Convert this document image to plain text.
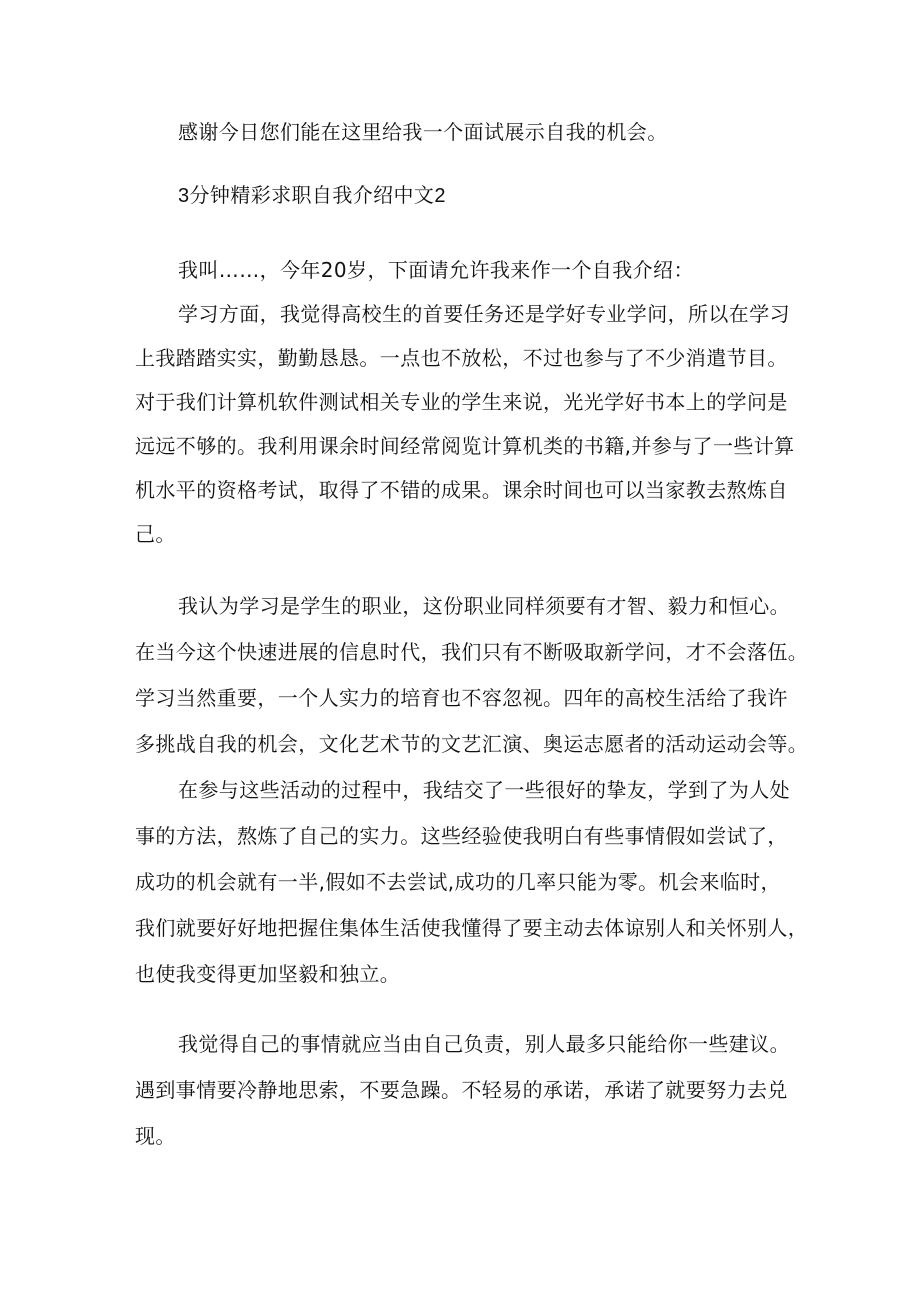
感谢今日您们能在这里给我一个面试展示自我的机会。
3分钟精彩求职自我介绍中文2
我叫……，今年20岁，下面请允许我来作一个自我介绍：
学习方面，我觉得高校生的首要任务还是学好专业学问，所以在学习
上我踏踏实实，勤勤恳恳。一点也不放松，不过也参与了不少消遣节目。
对于我们计算机软件测试相关专业的学生来说，光光学好书本上的学问是
远远不够的。我利用课余时间经常阅览计算机类的书籍,并参与了一些计算
机水平的资格考试，取得了不错的成果。课余时间也可以当家教去熬炼自
己。
我认为学习是学生的职业，这份职业同样须要有才智、毅力和恒心。
在当今这个快速进展的信息时代，我们只有不断吸取新学问，才不会落伍。
学习当然重要，一个人实力的培育也不容忽视。四年的高校生活给了我许
多挑战自我的机会，文化艺术节的文艺汇演、奥运志愿者的活动运动会等。
在参与这些活动的过程中，我结交了一些很好的挚友，学到了为人处
事的方法，熬炼了自己的实力。这些经验使我明白有些事情假如尝试了，
成功的机会就有一半,假如不去尝试,成功的几率只能为零。机会来临时，
我们就要好好地把握住集体生活使我懂得了要主动去体谅别人和关怀别人，
也使我变得更加坚毅和独立。
我觉得自己的事情就应当由自己负责，别人最多只能给你一些建议。
遇到事情要冷静地思索，不要急躁。不轻易的承诺，承诺了就要努力去兑
现。
